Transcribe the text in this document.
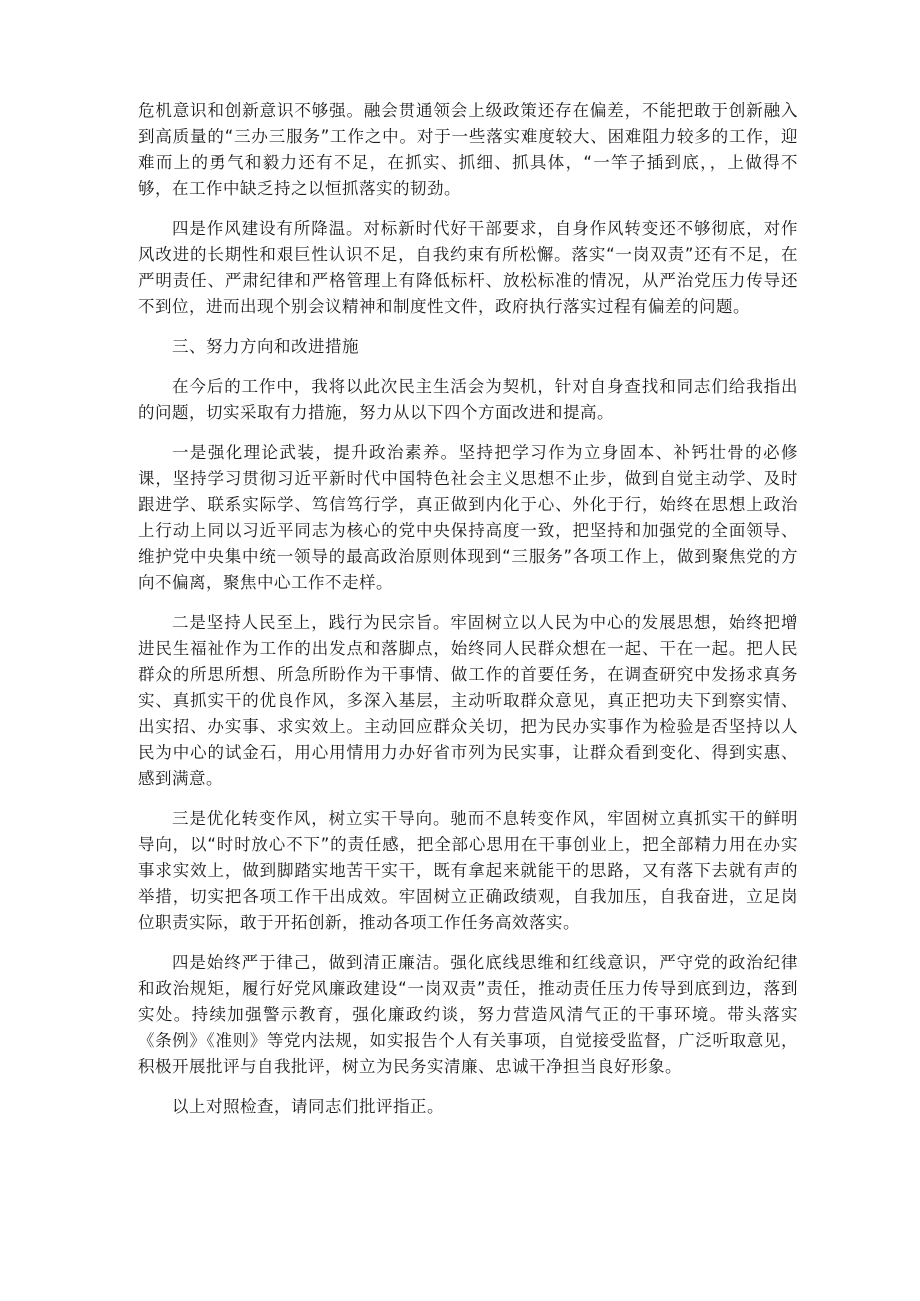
危机意识和创新意识不够强。融会贯通领会上级政策还存在偏差，不能把敢于创新融入到高质量的“三办三服务”工作之中。对于一些落实难度较大、困难阻力较多的工作，迎难而上的勇气和毅力还有不足，在抓实、抓细、抓具体，“一竿子插到底，，上做得不够，在工作中缺乏持之以恒抓落实的韧劲。

四是作风建设有所降温。对标新时代好干部要求，自身作风转变还不够彻底，对作风改进的长期性和艰巨性认识不足，自我约束有所松懈。落实“一岗双责”还有不足，在严明责任、严肃纪律和严格管理上有降低标杆、放松标准的情况，从严治党压力传导还不到位，进而出现个别会议精神和制度性文件，政府执行落实过程有偏差的问题。

三、努力方向和改进措施

在今后的工作中，我将以此次民主生活会为契机，针对自身查找和同志们给我指出的问题，切实采取有力措施，努力从以下四个方面改进和提高。

一是强化理论武装，提升政治素养。坚持把学习作为立身固本、补钙壮骨的必修课，坚持学习贯彻习近平新时代中国特色社会主义思想不止步，做到自觉主动学、及时跟进学、联系实际学、笃信笃行学，真正做到内化于心、外化于行，始终在思想上政治上行动上同以习近平同志为核心的党中央保持高度一致，把坚持和加强党的全面领导、维护党中央集中统一领导的最高政治原则体现到“三服务”各项工作上，做到聚焦党的方向不偏离，聚焦中心工作不走样。

二是坚持人民至上，践行为民宗旨。牢固树立以人民为中心的发展思想，始终把增进民生福祉作为工作的出发点和落脚点，始终同人民群众想在一起、干在一起。把人民群众的所思所想、所急所盼作为干事情、做工作的首要任务，在调查研究中发扬求真务实、真抓实干的优良作风，多深入基层，主动听取群众意见，真正把功夫下到察实情、出实招、办实事、求实效上。主动回应群众关切，把为民办实事作为检验是否坚持以人民为中心的试金石，用心用情用力办好省市列为民实事，让群众看到变化、得到实惠、感到满意。

三是优化转变作风，树立实干导向。驰而不息转变作风，牢固树立真抓实干的鲜明导向，以“时时放心不下”的责任感，把全部心思用在干事创业上，把全部精力用在办实事求实效上，做到脚踏实地苦干实干，既有拿起来就能干的思路，又有落下去就有声的举措，切实把各项工作干出成效。牢固树立正确政绩观，自我加压，自我奋进，立足岗位职责实际，敢于开拓创新，推动各项工作任务高效落实。

四是始终严于律己，做到清正廉洁。强化底线思维和红线意识，严守党的政治纪律和政治规矩，履行好党风廉政建设“一岗双责”责任，推动责任压力传导到底到边，落到实处。持续加强警示教育，强化廉政约谈，努力营造风清气正的干事环境。带头落实《条例》《准则》等党内法规，如实报告个人有关事项，自觉接受监督，广泛听取意见，积极开展批评与自我批评，树立为民务实清廉、忠诚干净担当良好形象。

以上对照检查，请同志们批评指正。
